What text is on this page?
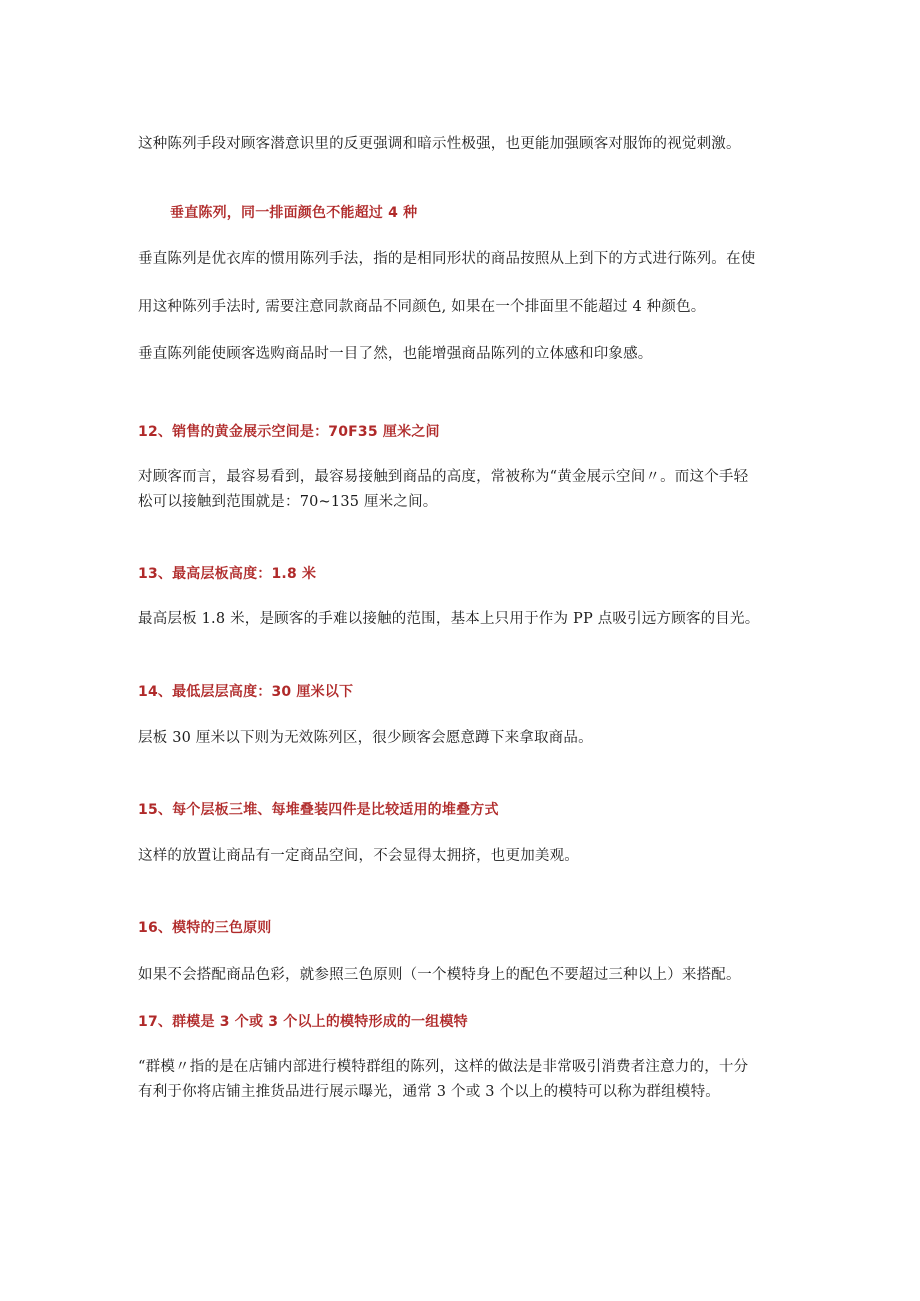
这种陈列手段对顾客潜意识里的反更强调和暗示性极强，也更能加强顾客对服饰的视觉刺激。

垂直陈列，同一排面颜色不能超过 4 种

垂直陈列是优衣库的惯用陈列手法，指的是相同形状的商品按照从上到下的方式进行陈列。在使

用这种陈列手法时, 需要注意同款商品不同颜色, 如果在一个排面里不能超过 4 种颜色。

垂直陈列能使顾客选购商品时一目了然，也能增强商品陈列的立体感和印象感。

12、销售的黄金展示空间是：70F35 厘米之间

对顾客而言，最容易看到，最容易接触到商品的高度，常被称为“黄金展示空间〃。而这个手轻

松可以接触到范围就是：70~135 厘米之间。

13、最高层板高度：1.8 米

最高层板 1.8 米，是顾客的手难以接触的范围，基本上只用于作为 PP 点吸引远方顾客的目光。

14、最低层层高度：30 厘米以下

层板 30 厘米以下则为无效陈列区，很少顾客会愿意蹲下来拿取商品。

15、每个层板三堆、每堆叠装四件是比较适用的堆叠方式

这样的放置让商品有一定商品空间，不会显得太拥挤，也更加美观。

16、模特的三色原则

如果不会搭配商品色彩，就参照三色原则（一个模特身上的配色不要超过三种以上）来搭配。

17、群模是 3 个或 3 个以上的模特形成的一组模特

“群模〃指的是在店铺内部进行模特群组的陈列，这样的做法是非常吸引消费者注意力的，十分

有利于你将店铺主推货品进行展示曝光，通常 3 个或 3 个以上的模特可以称为群组模特。
